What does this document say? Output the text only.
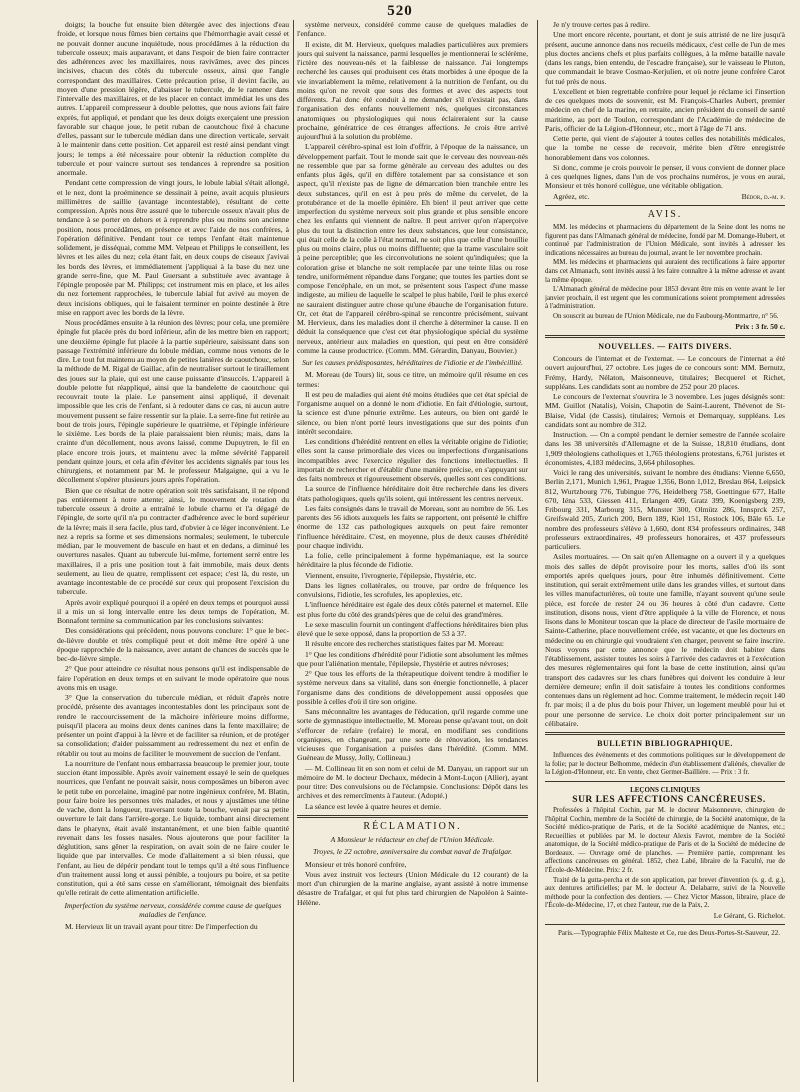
520

doigts; la bouche fut ensuite bien détergée avec des injections d'eau froide, et lorsque nous fûmes bien certains que l'hémorrhagie avait cessé et ne pouvait donner aucune inquiétude, nous procédâmes à la réduction du tubercule osseux; mais auparavant, et dans l'espoir de bien faire contracter des adhérences avec les maxillaires, nous ravivâmes, avec des pinces incisives, chacun des côtés du tubercule osseux, ainsi que l'angle correspondant des maxillaires. Cette précaution prise, il devint facile, au moyen d'une pression légère, d'abaisser le tubercule, de le ramener dans l'intervalle des maxillaires, et de les placer en contact immédiat les uns des autres. L'appareil compresseur à double pelottes, que nous avions fait faire exprès, fut appliqué, et pendant que les deux doigts exerçaient une pression favorable sur chaque joue, le petit ruban de caoutchouc fixé à chacune d'elles, passant sur le tubercule médian dans une direction verticale, servait à le maintenir dans cette position. Cet appareil est resté ainsi pendant vingt jours; le temps a été nécessaire pour obtenir la réduction complète du tubercule et pour vaincre surtout ses tendances à reprendre sa position anormale.

Pendant cette compression de vingt jours, le lobule labial s'était allongé, et le nez, dont la proéminence se dessinait à peine, avait acquis plusieurs millimètres de saillie (avantage incontestable), résultant de cette compression. Après nous être assuré que le tubercule osseux n'avait plus de tendance à se porter en dehors et à reprendre plus ou moins son ancienne position, nous procédâmes, en présence et avec l'aide de nos confrères, à l'opération définitive. Pendant tout ce temps l'enfant était maintenue solidement, je disséquai, comme MM. Velpeau et Philipps le conseillent, les lèvres et les ailes du nez; cela étant fait, en deux coups de ciseaux j'avivai les bords des lèvres, et immédiatement j'appliquai à la base du nez une grande serre-fine, que M. Paul Guersant a substituée avec avantage à l'épingle proposée par M. Philipps; cet instrument mis en place, et les ailes du nez fortement rapprochées, le tubercule labial fut avivé au moyen de deux incisions obliques, qui le faisaient terminer en pointe destinée à être mise en rapport avec les bords de la lèvre.

Nous procédâmes ensuite à la réunion des lèvres; pour cela, une première épingle fut placée près du bord inférieur, afin de les mettre bien en rapport; une deuxième épingle fut placée à la partie supérieure, saisissant dans son passage l'extrémité inférieure du lobule médian, comme nous venons de le dire. Le tout fut maintenu au moyen de petites lanières de caoutchouc, selon la méthode de M. Rigal de Gaillac, afin de neutraliser surtout le tiraillement des joues sur la plaie, qui est une cause puissante d'insuccès. L'appareil à double pelotte fut réappliqué, ainsi que la bandelette de caoutchouc qui recouvrait toute la plaie. Le pansement ainsi appliqué, il devenait impossible que les cris de l'enfant, si à redouter dans ce cas, ni aucun autre mouvement pussent se faire ressentir sur la plaie. La serre-fine fut retirée au bout de trois jours, l'épingle supérieure le quatrième, et l'épingle inférieure le sixième. Les bords de la plaie paraissaient bien réunis; mais, dans la crainte d'un décollement, nous avons laissé, comme Dupuytren, le fil en place encore trois jours, et maintenu avec la même sévérité l'appareil pendant quinze jours, et cela afin d'éviter les accidents signalés par tous les chirurgiens, et notamment par M. le professeur Malgaigne, qui a vu le décollement s'opérer plusieurs jours après l'opération.

Bien que ce résultat de notre opération soit très satisfaisant, il ne répond pas entièrement à notre attente; ainsi, le mouvement de rotation du tubercule osseux à droite a entraîné le lobule charnu et l'a dégagé de l'épingle, de sorte qu'il n'a pu contracter d'adhérence avec le bord supérieur de la lèvre; mais il sera facile, plus tard, d'obvier à ce léger inconvénient. Le nez a repris sa forme et ses dimensions normales; seulement, le tubercule médian, par le mouvement de bascule en haut et en dedans, a diminué les ouvertures nasales. Quant au tubercule lui-même, fortement serré entre les maxillaires, il a pris une position tout à fait immobile, mais deux dents seulement, au lieu de quatre, remplissent cet espace; c'est là, du reste, un avantage incontestable de ce procédé sur ceux qui proposent l'excision du tubercule.

Après avoir expliqué pourquoi il a opéré en deux temps et pourquoi aussi il a mis un si long intervalle entre les deux temps de l'opération, M. Bonnafont termine sa communication par les conclusions suivantes:

Des considérations qui précèdent, nous pouvons conclure: 1° que le bec-de-lièvre double et très compliqué peut et doit même être opéré à une époque rapprochée de la naissance, avec autant de chances de succès que le bec-de-lièvre simple.

2° Que pour atteindre ce résultat nous pensons qu'il est indispensable de faire l'opération en deux temps et en suivant le mode opératoire que nous avons mis en usage.

3° Que la conservation du tubercule médian, et réduit d'après notre procédé, présente des avantages incontestables dont les principaux sont de rendre le raccourcissement de la mâchoire inférieure moins difforme, puisqu'il placera au moins deux dents canines dans la fente maxillaire; de présenter un point d'appui à la lèvre et de faciliter sa réunion, et de protéger sa consolidation; d'aider puissamment au redressement du nez et enfin de rétablir ou tout au moins de faciliter le mouvement de succion de l'enfant.

La nourriture de l'enfant nous embarrassa beaucoup le premier jour, toute succion étant impossible. Après avoir vainement essayé le sein de quelques nourrices, que l'enfant ne pouvait saisir, nous composâmes un biberon avec le petit tube en porcelaine, imaginé par notre ingénieux confrère, M. Blatin, pour faire boire les personnes très malades, et nous y ajustâmes une tétine de vache, dont la longueur, traversant toute la bouche, venait par sa petite ouverture le lait dans l'arrière-gorge. Le liquide, tombant ainsi directement dans le pharynx, était avalé instantanément, et une bien faible quantité revenait dans les fosses nasales. Nous ajouterons que pour faciliter la déglutition, sans gêner la respiration, on avait soin de ne faire couler le liquide que par intervalles. Ce mode d'allaitement a si bien réussi, que l'enfant, au lieu de dépérir pendant tout le temps qu'il a été sous l'influence d'un traitement aussi long et aussi pénible, a toujours pu boire, et sa petite constitution, qui a été sans cesse en s'améliorant, témoignait des bienfaits qu'elle retirait de cette alimentation artificielle.

Imperfection du système nerveux, considérée comme cause de quelques maladies de l'enfance.

M. Hervieux lit un travail ayant pour titre: De l'imperfection du

système nerveux, considéré comme cause de quelques maladies de l'enfance.

Il existe, dit M. Hervieux, quelques maladies particulières aux premiers jours qui suivent la naissance, parmi lesquelles je mentionnerai le sclérème, l'ictère des nouveau-nés et la faiblesse de naissance. J'ai longtemps recherché les causes qui produisent ces états morbides à une époque de la vie invariablement la même, relativement à la nutrition de l'enfant, ou du moins qu'on ne revoit que sous des formes et avec des aspects tout différents. J'ai donc été conduit à me demander s'il n'existait pas, dans l'organisation des enfants nouvellement nés, quelques circonstances anatomiques ou physiologiques qui nous éclaireraient sur la cause prochaine, génératrice de ces étranges affections. Je crois être arrivé aujourd'hui à la solution du problème.

L'appareil cérébro-spinal est loin d'offrir, à l'époque de la naissance, un développement parfait. Tout le monde sait que le cerveau des nouveau-nés ne ressemble que par sa forme générale au cerveau des adultes ou des enfants plus âgés, qu'il en diffère totalement par sa consistance et son aspect, qu'il n'existe pas de ligne de démarcation bien tranchée entre les deux substances, qu'il en est à peu près de même du cervelet, de la protubérance et de la moelle épinière. Eh bien! il peut arriver que cette imperfection du système nerveux soit plus grande et plus sensible encore chez les enfants qui viennent de naître. Il peut arriver qu'on n'aperçoive plus du tout la distinction entre les deux substances, que leur consistance, qui était celle de la colle à l'état normal, ne soit plus que celle d'une bouillie plus ou moins claire, plus ou moins diffluente; que la trame vasculaire soit à peine perceptible; que les circonvolutions ne soient qu'indiquées; que la coloration grise et blanche ne soit remplacée par une teinte lilas ou rose tendre, uniformément répandue dans l'organe; que toutes les parties dont se compose l'encéphale, en un mot, se présentent sous l'aspect d'une masse indigeste, au milieu de laquelle le scalpel le plus habile, l'œil le plus exercé ne sauraient distinguer autre chose qu'une ébauche de l'organisation future. Or, cet état de l'appareil cérébro-spinal se rencontre précisément, suivant M. Hervieux, dans les maladies dont il cherche à déterminer la cause. Il en déduit la conséquence que c'est cet état physiologique spécial du système nerveux, antérieur aux maladies en question, qui peut en être considéré comme la cause productrice. (Comm. MM. Gérardin, Danyau, Bouvier.)

Sur les causes prédisposantes, héréditaires de l'idiotie et de l'imbécillité.

M. Moreau (de Tours) lit, sous ce titre, un mémoire qu'il résume en ces termes:

Il est peu de maladies qui aient été moins étudiées que cet état spécial de l'organisme auquel on a donné le nom d'idiotie. En fait d'étiologie, surtout, la science est d'une pénurie extrême. Les auteurs, ou bien ont gardé le silence, ou bien n'ont porté leurs investigations que sur des points d'un intérêt secondaire.

Les conditions d'hérédité rentrent en elles la véritable origine de l'idiotie; elles sont la cause primordiale des vices ou imperfections d'organisations incompatibles avec l'exercice régulier des fonctions intellectuelles. Il importait de rechercher et d'établir d'une manière précise, en s'appuyant sur des faits nombreux et rigoureusement observés, quelles sont ces conditions.

La source de l'influence héréditaire doit être recherchée dans les divers états pathologiques, quels qu'ils soient, qui intéressent les centres nerveux.

Les faits consignés dans le travail de Moreau, sont au nombre de 56. Les parents des 56 idiots auxquels les faits se rapportent, ont présenté le chiffre énorme de 132 cas pathologiques auxquels on peut faire remonter l'influence héréditaire. C'est, en moyenne, plus de deux causes d'hérédité pour chaque individu.

La folie, celle principalement à forme hypémaniaque, est la source héréditaire la plus féconde de l'idiotie.

Viennent, ensuite, l'ivrognerie, l'épilepsie, l'hystérie, etc.

Dans les lignes collatérales, ou trouve, par ordre de fréquence les convulsions, l'idiotie, les scrofules, les apoplexies, etc.

L'influence héréditaire est égale des deux côtés paternel et maternel. Elle est plus forte du côté des grands'pères que de celui des grand'mères.

Le sexe masculin fournit un contingent d'affections héréditaires bien plus élevé que le sexe opposé, dans la proportion de 53 à 37.

Il résulte encore des recherches statistiques faites par M. Moreau:

1° Que les conditions d'hérédité pour l'idiotie sont absolument les mêmes que pour l'aliénation mentale, l'épilepsie, l'hystérie et autres névroses;

2° Que tous les efforts de la thérapeutique doivent tendre à modifier le système nerveux dans sa vitalité, dans son énergie fonctionnelle, à placer l'organisme dans des conditions de développement aussi opposées que possible à celles d'où il tire son origine.

Sans méconnaître les avantages de l'éducation, qu'il regarde comme une sorte de gymnastique intellectuelle, M. Moreau pense qu'avant tout, on doit s'efforcer de refaire (refaire) le moral, en modifiant ses conditions organiques, en changeant, par une sorte de rénovation, les tendances vicieuses que l'organisation a puisées dans l'hérédité. (Comm. MM. Guéneau de Mussy, Jolly, Collineau.)

— M. Collineau lit en son nom et celui de M. Danyau, un rapport sur un mémoire de M. le docteur Dechaux, médecin à Mont-Luçon (Allier), ayant pour titre: Des convulsions ou de l'éclampsie. Conclusions: Dépôt dans les archives et des remercîments à l'auteur. (Adopté.)

La séance est levée à quatre heures et demie.

RÉCLAMATION.

A Monsieur le rédacteur en chef de l'Union Médicale.

Troyes, le 22 octobre, anniversaire du combat naval de Trafalgar.

Monsieur et très honoré confrère,

Vous avez instruit vos lecteurs (Union Médicale du 12 courant) de la mort d'un chirurgien de la marine anglaise, ayant assisté à notre immense désastre de Trafalgar, et qui fut plus tard chirurgien de Napoléon à Sainte-Hélène.

Je n'y trouve certes pas à redire.

Une mort encore récente, pourtant, et dont je suis attristé de ne lire jusqu'à présent, aucune annonce dans nos recueils médicaux, c'est celle de l'un de mes plus doctes anciens chefs et plus parfaits collègues, à la même bataille navale (dans les rangs, bien entendu, de l'escadre française), sur le vaisseau le Pluton, que commandait le brave Cosmao-Kerjulien, et où notre jeune confrère Carot fut tué près de nous.

L'excellent et bien regrettable confrère pour lequel je réclame ici l'insertion de ces quelques mots de souvenir, est M. François-Charles Aubert, premier médecin en chef de la marine, en retraite, ancien président du conseil de santé maritime, au port de Toulon, correspondant de l'Académie de médecine de Paris, officier de la Légion-d'Honneur, etc., mort à l'âge de 71 ans.

Cette perte, qui vient de s'ajouter à toutes celles des notabilités médicales, que la tombe ne cesse de recevoir, mérite bien d'être enregistrée honorablement dans vos colonnes.

Si donc, comme je crois pouvoir le penser, il vous convient de donner place à ces quelques lignes, dans l'un de vos prochains numéros, je vous en aurai, Monsieur et très honoré collègue, une véritable obligation.

Agréez, etc.	Bédor, d.-m. p.

AVIS.

MM. les médecins et pharmaciens du département de la Seine dont les noms ne figurent pas dans l'Almanach général de médecine, fondé par M. Domange-Hubert, et continué par l'administration de l'Union Médicale, sont invités à adresser les indications nécessaires au bureau du journal, avant le 1er novembre prochain.

MM. les médecins et pharmaciens qui auraient des rectifications à faire apporter dans cet Almanach, sont invités aussi à les faire connaître à la même adresse et avant la même époque.

L'Almanach général de médecine pour 1853 devant être mis en vente avant le 1er janvier prochain, il est urgent que les communications soient promptement adressées à l'administration.

On souscrit au bureau de l'Union Médicale, rue du Faubourg-Montmartre, n° 56.

Prix : 3 fr. 50 c.

NOUVELLES. — FAITS DIVERS.

Concours de l'internat et de l'externat. — Le concours de l'internat a été ouvert aujourd'hui, 27 octobre. Les juges de ce concours sont: MM. Bernutz, Frémy, Hardy, Nélaton, Maisonneuve, titulaires; Becquerel et Richet, suppléans. Les candidats sont au nombre de 252 pour 20 places.

Le concours de l'externat s'ouvrira le 3 novembre. Les juges désignés sont: MM. Guillot (Natalis), Voisin, Chapotin de Saint-Laurent, Thévenot de St-Blaise, Vidal (de Cassis), titulaires; Vernois et Demarquay, suppléans. Les candidats sont au nombre de 312.

Instruction. — On a compté pendant le dernier semestre de l'année scolaire dans les 38 universités d'Allemagne et de la Suisse, 18,810 étudians, dont 1,909 théologiens catholiques et 1,765 théologiens protestans, 6,761 juristes et économistes, 4,183 médecins, 3,664 philosophes.

Voici le rang des universités, suivant le nombre des étudians: Vienne 6,650, Berlin 2,171, Munich 1,961, Prague 1,356, Bonn 1,012, Breslau 864, Leipsick 812, Wurtzbourg 776, Tubingue 776, Heidelberg 758, Goettingue 677, Halle 670, Iéna 533, Giessen 411, Erlangen 409, Gratz 399, Koenigsberg 239, Fribourg 331, Marbourg 315, Munster 300, Olmütz 286, Innsprck 257, Greifswald 205, Zurich 200, Bern 189, Kiel 151, Rostock 106, Bâle 65. Le nombre des professeurs s'élève à 1,660, dont 834 professeurs ordinaires, 348 professeurs extraordinaires, 49 professeurs honoraires, et 437 professeurs particuliers.

Asiles mortuaires. — On sait qu'en Allemagne on a ouvert il y a quelques mois des salles de dépôt provisoire pour les morts, salles d'où ils sont emportés après quelques jours, pour être inhumés définitivement. Cette institution, qui serait extrêmement utile dans les grandes villes, et surtout dans les villes manufacturières, où toute une famille, n'ayant souvent qu'une seule pièce, est forcée de rester 24 ou 36 heures à côté d'un cadavre. Cette institution, disons nous, vient d'être appliquée à la ville de Florence, et nous lisons dans le Moniteur toscan que la place de directeur de l'asile mortuaire de Sainte-Catherine, place nouvellement créée, est vacante, et que les docteurs en médecine ou en chirurgie qui voudraient s'en charger, peuvent se faire inscrire. Nous voyons par cette annonce que le médecin doit habiter dans l'établissement, assister toutes les soirs à l'arrivée des cadavres et à l'exécution des mesures réglementaires qui font la base de cette institution, ainsi qu'au transport des cadavres sur les chars funèbres qui doivent les conduire à leur dernière demeure; enfin il doit satisfaire à toutes les conditions conformes contenues dans un règlement ad hoc. Comme traitement, le médecin reçoit 140 fr. par mois; il a de plus du bois pour l'hiver, un logement meublé pour lui et pour une personne de service. Le choix doit porter principalement sur un célibataire.

BULLETIN BIBLIOGRAPHIQUE.

Influences des événements et des commotions politiques sur le développement de la folie; par le docteur Belhomme, médecin d'un établissement d'aliénés, chevalier de la Légion-d'Honneur, etc. En vente, chez Germer-Baillière. — Prix : 3 fr.

LEÇONS CLINIQUES

SUR LES AFFECTIONS CANCÉREUSES.

Professées à l'hôpital Cochin, par M. le docteur Maisonneuve, chirurgien de l'hôpital Cochin, membre de la Société de chirurgie, de la Société anatomique, de la Société médico-pratique de Paris, et de la Société académique de Nantes, etc.; Recueillies et publiées par M. le docteur Alexis Favrot, membre de la Société anatomique, de la Société médico-pratique de Paris et de la Société de médecine de Bordeaux. — Ouvrage orné de planches. — Première partie, comprenant les affections cancéreuses en général. 1852, chez Labé, libraire de la Faculté, rue de l'École-de-Médecine. Prix: 2 fr.

Traité de la gutta-percha et de son application, par brevet d'invention (s. g. d. g.), aux dentures artificielles; par M. le docteur A. Delabarre, suivi de la Nouvelle méthode pour la confection des dentiers. — Chez Victor Masson, libraire, place de l'École-de-Médecine, 17, et chez l'auteur, rue de la Paix, 2.

Le Gérant, G. Richelot.

Paris.—Typographie Félix Malteste et Ce, rue des Deux-Portes-St-Sauveur, 22.
